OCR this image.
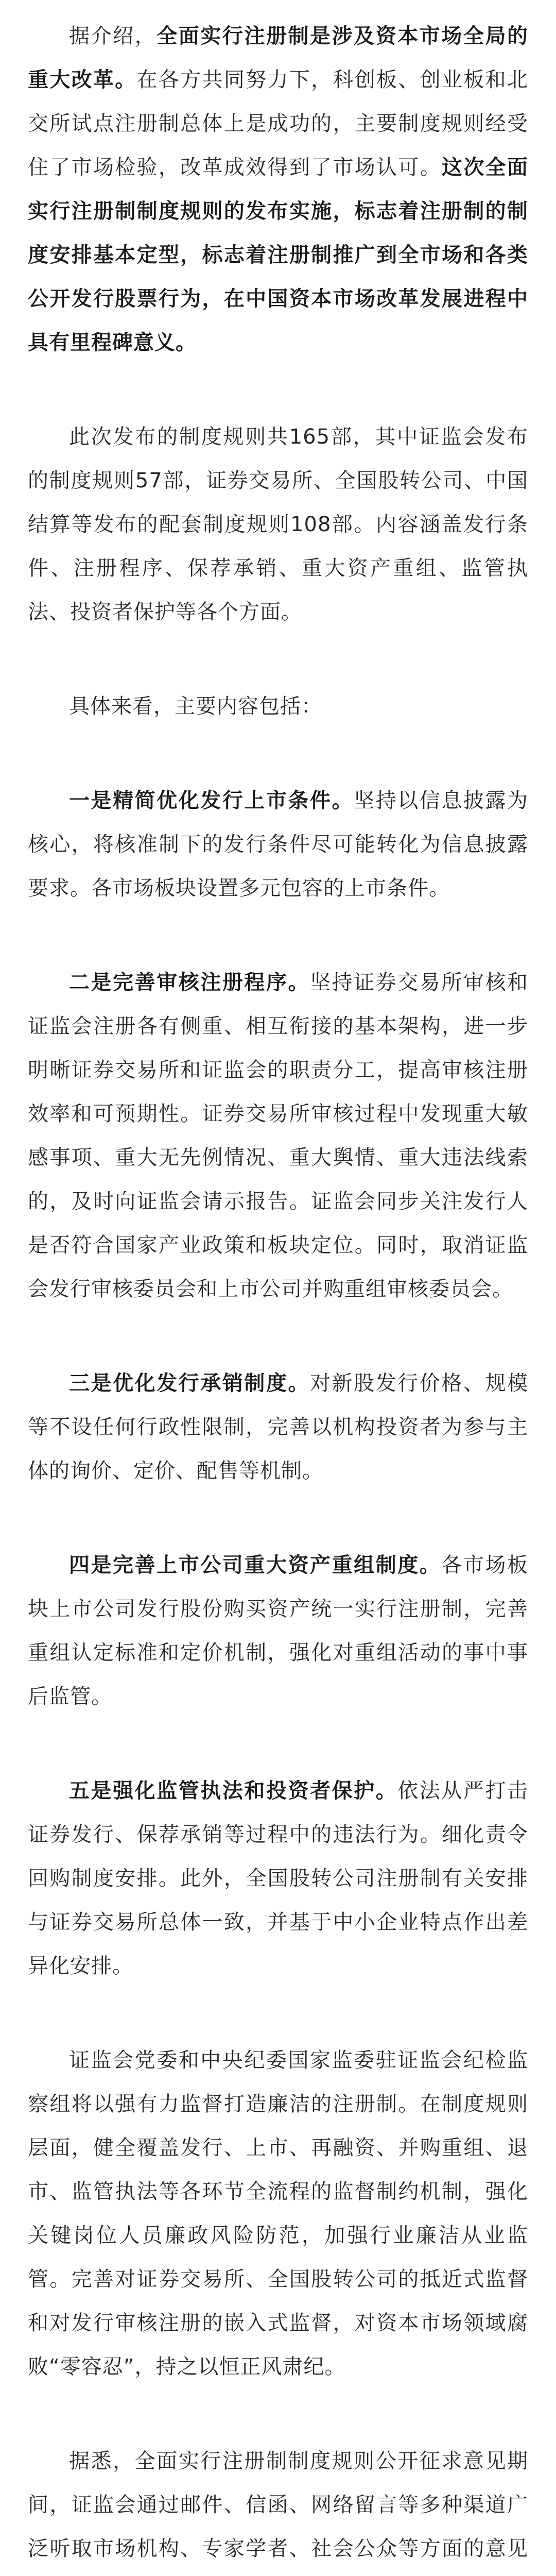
据介绍，全面实行注册制是涉及资本市场全局的重大改革。在各方共同努力下，科创板、创业板和北交所试点注册制总体上是成功的，主要制度规则经受住了市场检验，改革成效得到了市场认可。这次全面实行注册制制度规则的发布实施，标志着注册制的制度安排基本定型，标志着注册制推广到全市场和各类公开发行股票行为，在中国资本市场改革发展进程中具有里程碑意义。

此次发布的制度规则共165部，其中证监会发布的制度规则57部，证券交易所、全国股转公司、中国结算等发布的配套制度规则108部。内容涵盖发行条件、注册程序、保荐承销、重大资产重组、监管执法、投资者保护等各个方面。

具体来看，主要内容包括：

一是精简优化发行上市条件。坚持以信息披露为核心，将核准制下的发行条件尽可能转化为信息披露要求。各市场板块设置多元包容的上市条件。

二是完善审核注册程序。坚持证券交易所审核和证监会注册各有侧重、相互衔接的基本架构，进一步明晰证券交易所和证监会的职责分工，提高审核注册效率和可预期性。证券交易所审核过程中发现重大敏感事项、重大无先例情况、重大舆情、重大违法线索的，及时向证监会请示报告。证监会同步关注发行人是否符合国家产业政策和板块定位。同时，取消证监会发行审核委员会和上市公司并购重组审核委员会。

三是优化发行承销制度。对新股发行价格、规模等不设任何行政性限制，完善以机构投资者为参与主体的询价、定价、配售等机制。

四是完善上市公司重大资产重组制度。各市场板块上市公司发行股份购买资产统一实行注册制，完善重组认定标准和定价机制，强化对重组活动的事中事后监管。

五是强化监管执法和投资者保护。依法从严打击证券发行、保荐承销等过程中的违法行为。细化责令回购制度安排。此外，全国股转公司注册制有关安排与证券交易所总体一致，并基于中小企业特点作出差异化安排。

证监会党委和中央纪委国家监委驻证监会纪检监察组将以强有力监督打造廉洁的注册制。在制度规则层面，健全覆盖发行、上市、再融资、并购重组、退市、监管执法等各环节全流程的监督制约机制，强化关键岗位人员廉政风险防范，加强行业廉洁从业监管。完善对证券交易所、全国股转公司的抵近式监督和对发行审核注册的嵌入式监督，对资本市场领域腐败“零容忍”，持之以恒正风肃纪。

据悉，全面实行注册制制度规则公开征求意见期间，证监会通过邮件、信函、网络留言等多种渠道广泛听取市场机构、专家学者、社会公众等方面的意见
